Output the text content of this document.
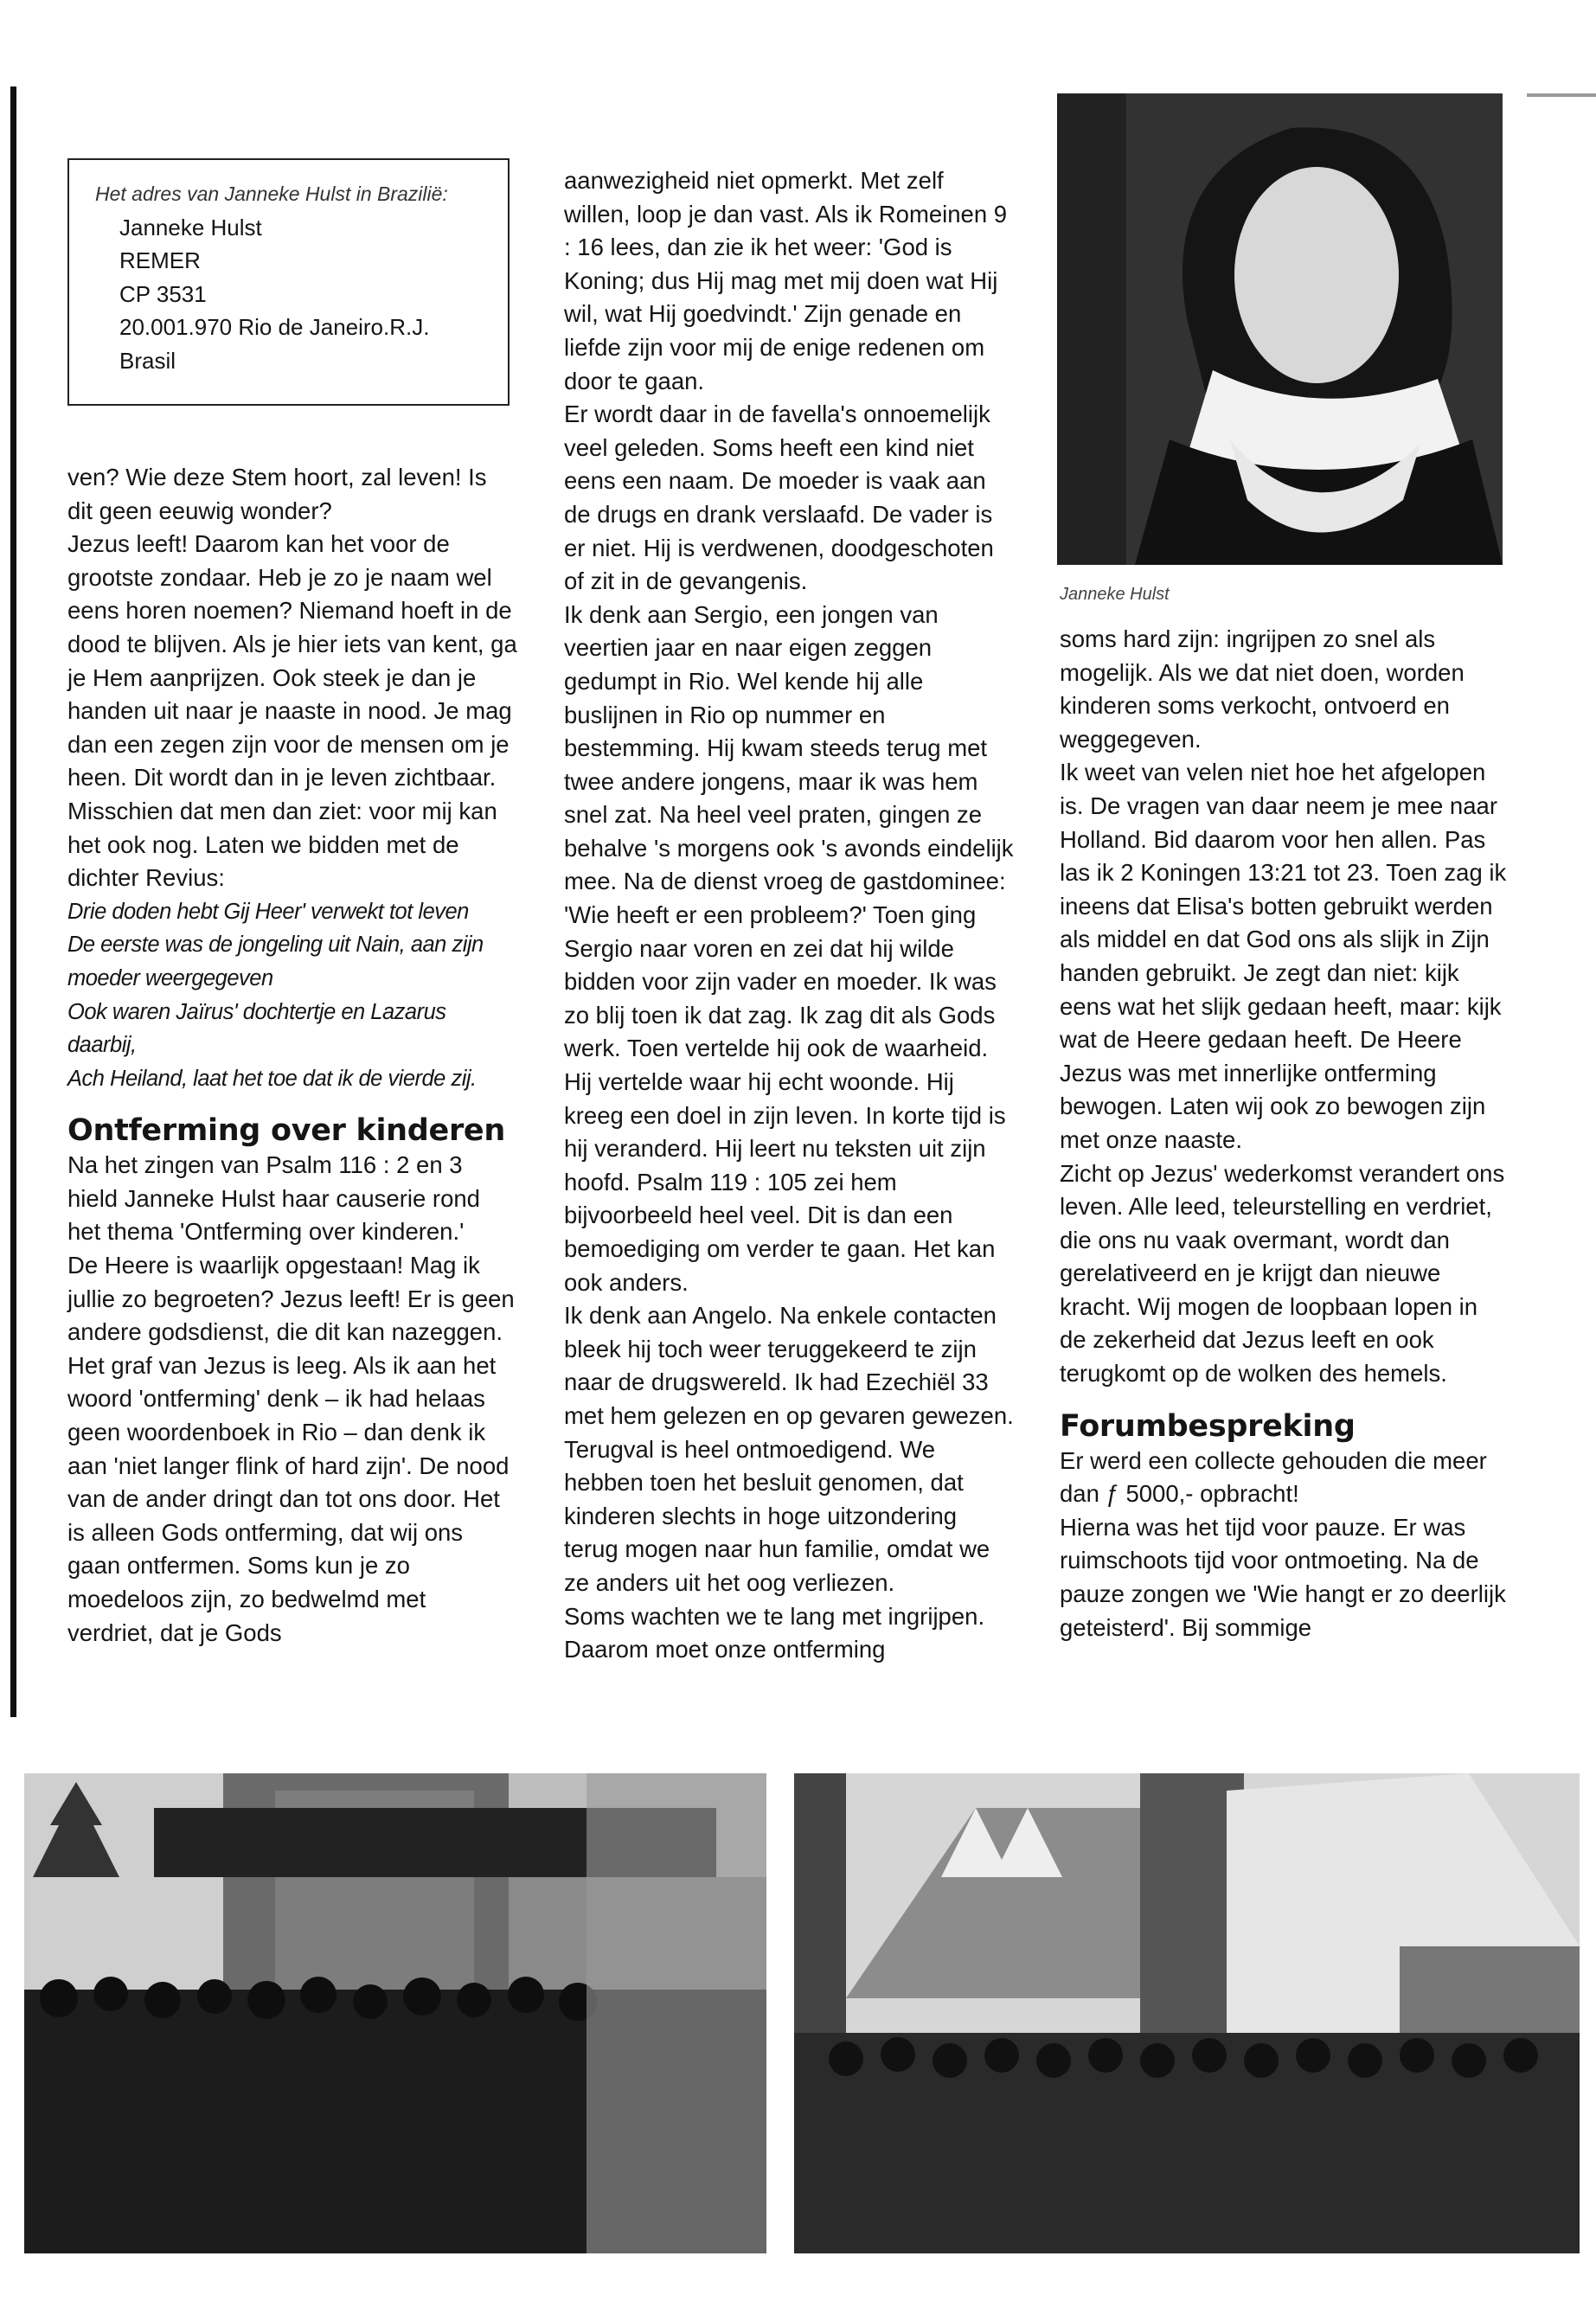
Het adres van Janneke Hulst in Brazilië:
Janneke Hulst
REMER
CP 3531
20.001.970 Rio de Janeiro.R.J.
Brasil

ven? Wie deze Stem hoort, zal leven! Is dit geen eeuwig wonder?

Jezus leeft! Daarom kan het voor de grootste zondaar. Heb je zo je naam wel eens horen noemen? Niemand hoeft in de dood te blijven. Als je hier iets van kent, ga je Hem aanprijzen. Ook steek je dan je handen uit naar je naaste in nood. Je mag dan een zegen zijn voor de mensen om je heen. Dit wordt dan in je leven zichtbaar.

Misschien dat men dan ziet: voor mij kan het ook nog. Laten we bidden met de dichter Revius:

Drie doden hebt Gij Heer' verwekt tot leven

De eerste was de jongeling uit Nain, aan zijn moeder weergegeven

Ook waren Jaïrus' dochtertje en Lazarus daarbij,

Ach Heiland, laat het toe dat ik de vierde zij.

Ontferming over kinderen

Na het zingen van Psalm 116 : 2 en 3 hield Janneke Hulst haar causerie rond het thema 'Ontferming over kinderen.'

De Heere is waarlijk opgestaan! Mag ik jullie zo begroeten? Jezus leeft! Er is geen andere godsdienst, die dit kan nazeggen. Het graf van Jezus is leeg. Als ik aan het woord 'ontferming' denk – ik had helaas geen woordenboek in Rio – dan denk ik aan 'niet langer flink of hard zijn'. De nood van de ander dringt dan tot ons door. Het is alleen Gods ontferming, dat wij ons gaan ontfermen. Soms kun je zo moedeloos zijn, zo bedwelmd met verdriet, dat je Gods

aanwezigheid niet opmerkt. Met zelf willen, loop je dan vast. Als ik Romeinen 9 : 16 lees, dan zie ik het weer: 'God is Koning; dus Hij mag met mij doen wat Hij wil, wat Hij goedvindt.' Zijn genade en liefde zijn voor mij de enige redenen om door te gaan.

Er wordt daar in de favella's onnoemelijk veel geleden. Soms heeft een kind niet eens een naam. De moeder is vaak aan de drugs en drank verslaafd. De vader is er niet. Hij is verdwenen, doodgeschoten of zit in de gevangenis.

Ik denk aan Sergio, een jongen van veertien jaar en naar eigen zeggen gedumpt in Rio. Wel kende hij alle buslijnen in Rio op nummer en bestemming. Hij kwam steeds terug met twee andere jongens, maar ik was hem snel zat. Na heel veel praten, gingen ze behalve 's morgens ook 's avonds eindelijk mee. Na de dienst vroeg de gastdominee: 'Wie heeft er een probleem?' Toen ging Sergio naar voren en zei dat hij wilde bidden voor zijn vader en moeder. Ik was zo blij toen ik dat zag. Ik zag dit als Gods werk. Toen vertelde hij ook de waarheid. Hij vertelde waar hij echt woonde. Hij kreeg een doel in zijn leven. In korte tijd is hij veranderd. Hij leert nu teksten uit zijn hoofd. Psalm 119 : 105 zei hem bijvoorbeeld heel veel. Dit is dan een bemoediging om verder te gaan. Het kan ook anders.

Ik denk aan Angelo. Na enkele contacten bleek hij toch weer teruggekeerd te zijn naar de drugswereld. Ik had Ezechiël 33 met hem gelezen en op gevaren gewezen. Terugval is heel ontmoedigend. We hebben toen het besluit genomen, dat kinderen slechts in hoge uitzondering terug mogen naar hun familie, omdat we ze anders uit het oog verliezen.

Soms wachten we te lang met ingrijpen. Daarom moet onze ontferming

Janneke Hulst

soms hard zijn: ingrijpen zo snel als mogelijk. Als we dat niet doen, worden kinderen soms verkocht, ontvoerd en weggegeven.

Ik weet van velen niet hoe het afgelopen is. De vragen van daar neem je mee naar Holland. Bid daarom voor hen allen. Pas las ik 2 Koningen 13:21 tot 23. Toen zag ik ineens dat Elisa's botten gebruikt werden als middel en dat God ons als slijk in Zijn handen gebruikt. Je zegt dan niet: kijk eens wat het slijk gedaan heeft, maar: kijk wat de Heere gedaan heeft. De Heere Jezus was met innerlijke ontferming bewogen. Laten wij ook zo bewogen zijn met onze naaste.

Zicht op Jezus' wederkomst verandert ons leven. Alle leed, teleurstelling en verdriet, die ons nu vaak overmant, wordt dan gerelativeerd en je krijgt dan nieuwe kracht. Wij mogen de loopbaan lopen in de zekerheid dat Jezus leeft en ook terugkomt op de wolken des hemels.

Forumbespreking

Er werd een collecte gehouden die meer dan ƒ 5000,- opbracht!

Hierna was het tijd voor pauze. Er was ruimschoots tijd voor ontmoeting. Na de pauze zongen we 'Wie hangt er zo deerlijk geteisterd'. Bij sommige
